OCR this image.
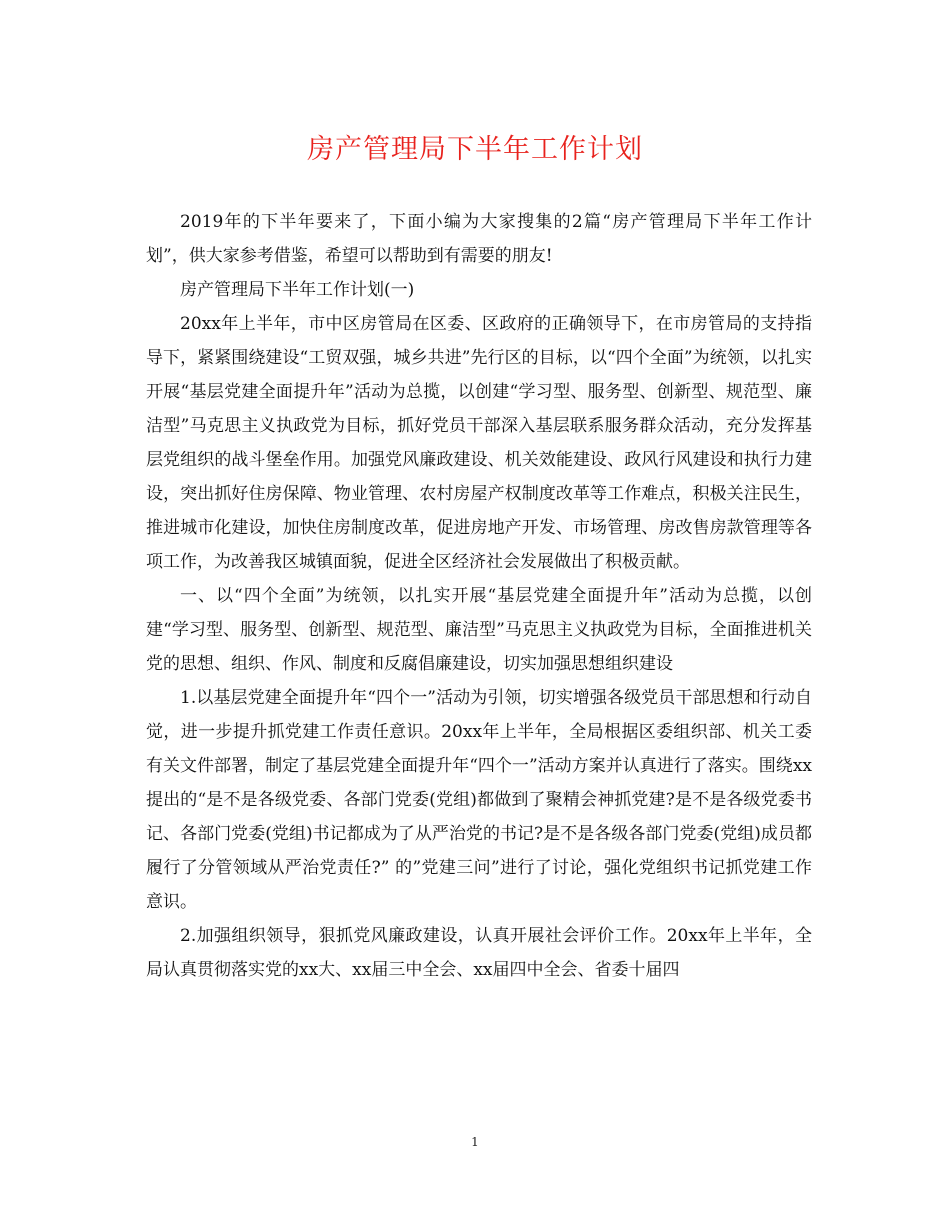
房产管理局下半年工作计划

2019年的下半年要来了，下面小编为大家搜集的2篇“房产管理局下半年工作计划”，供大家参考借鉴，希望可以帮助到有需要的朋友!

房产管理局下半年工作计划(一)

20xx年上半年，市中区房管局在区委、区政府的正确领导下，在市房管局的支持指导下，紧紧围绕建设“工贸双强，城乡共进”先行区的目标，以“四个全面”为统领，以扎实开展“基层党建全面提升年”活动为总揽，以创建“学习型、服务型、创新型、规范型、廉洁型”马克思主义执政党为目标，抓好党员干部深入基层联系服务群众活动，充分发挥基层党组织的战斗堡垒作用。加强党风廉政建设、机关效能建设、政风行风建设和执行力建设，突出抓好住房保障、物业管理、农村房屋产权制度改革等工作难点，积极关注民生，推进城市化建设，加快住房制度改革，促进房地产开发、市场管理、房改售房款管理等各项工作，为改善我区城镇面貌，促进全区经济社会发展做出了积极贡献。

一、以“四个全面”为统领，以扎实开展“基层党建全面提升年”活动为总揽，以创建“学习型、服务型、创新型、规范型、廉洁型”马克思主义执政党为目标，全面推进机关党的思想、组织、作风、制度和反腐倡廉建设，切实加强思想组织建设

1.以基层党建全面提升年“四个一”活动为引领，切实增强各级党员干部思想和行动自觉，进一步提升抓党建工作责任意识。20xx年上半年，全局根据区委组织部、机关工委有关文件部署，制定了基层党建全面提升年“四个一”活动方案并认真进行了落实。围绕xx提出的“是不是各级党委、各部门党委(党组)都做到了聚精会神抓党建?是不是各级党委书记、各部门党委(党组)书记都成为了从严治党的书记?是不是各级各部门党委(党组)成员都履行了分管领域从严治党责任?” 的”党建三问”进行了讨论，强化党组织书记抓党建工作意识。

2.加强组织领导，狠抓党风廉政建设，认真开展社会评价工作。20xx年上半年，全局认真贯彻落实党的xx大、xx届三中全会、xx届四中全会、省委十届四

1
